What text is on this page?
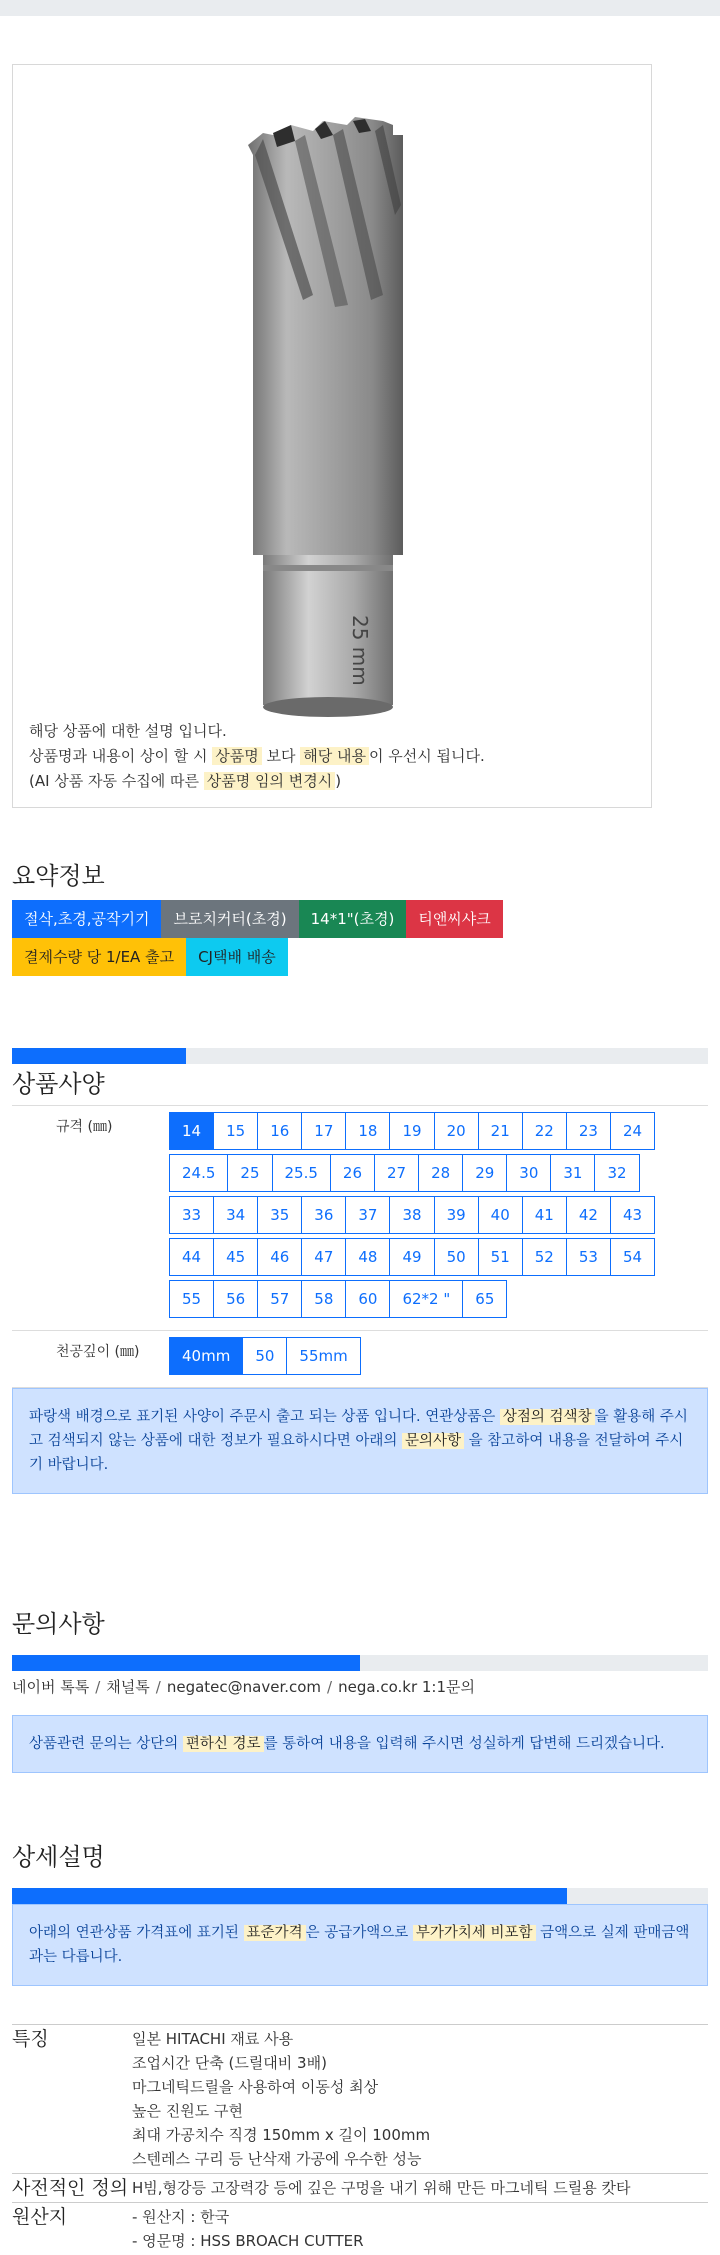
25 mm

해당 상품에 대한 설명 입니다.

상품명과 내용이 상이 할 시 상품명 보다 해당 내용 이 우선시 됩니다.

(AI 상품 자동 수집에 따른 상품명 임의 변경시 )

요약정보
절삭,초경,공작기기	브로치커터(초경)	14*1"(초경)	티앤씨샤크
결제수량 당 1/EA 출고	CJ택배 배송
상품사양
규격 (㎜)	14	15	16	17	18	19	20	21	22	23	24
24.5	25	25.5	26	27	28	29	30	31	32
33	34	35	36	37	38	39	40	41	42	43
44	45	46	47	48	49	50	51	52	53	54
55	56	57	58	60	62*2 "	65
천공깊이 (㎜)	40mm	50	55mm
파랑색 배경으로 표기된 사양이 주문시 출고 되는 상품 입니다. 연관상품은 상점의 검색창 을 활용해 주시고 검색되지 않는 상품에 대한 정보가 필요하시다면 아래의 문의사항 을 참고하여 내용을 전달하여 주시기 바랍니다.
문의사항
네이버 톡톡 / 채널톡 / negatec@naver.com / nega.co.kr 1:1문의
상품관련 문의는 상단의 편하신 경로 를 통하여 내용을 입력해 주시면 성실하게 답변해 드리겠습니다.
상세설명
아래의 연관상품 가격표에 표기된 표준가격 은 공급가액으로 부가가치세 비포함 금액으로 실제 판매금액과는 다릅니다.
특징	일본 HITACHI 재료 사용

조업시간 단축 (드릴대비 3배)

마그네틱드릴을 사용하여 이동성 최상

높은 진원도 구현

최대 가공치수 직경 150mm x 길이 100mm

스텐레스 구리 등 난삭재 가공에 우수한 성능

사전적인 정의 H빔,형강등 고장력강 등에 깊은 구멍을 내기 위해 만든 마그네틱 드릴용 캇타

원산지	- 원산지 : 한국

- 영문명 : HSS BROACH CUTTER
